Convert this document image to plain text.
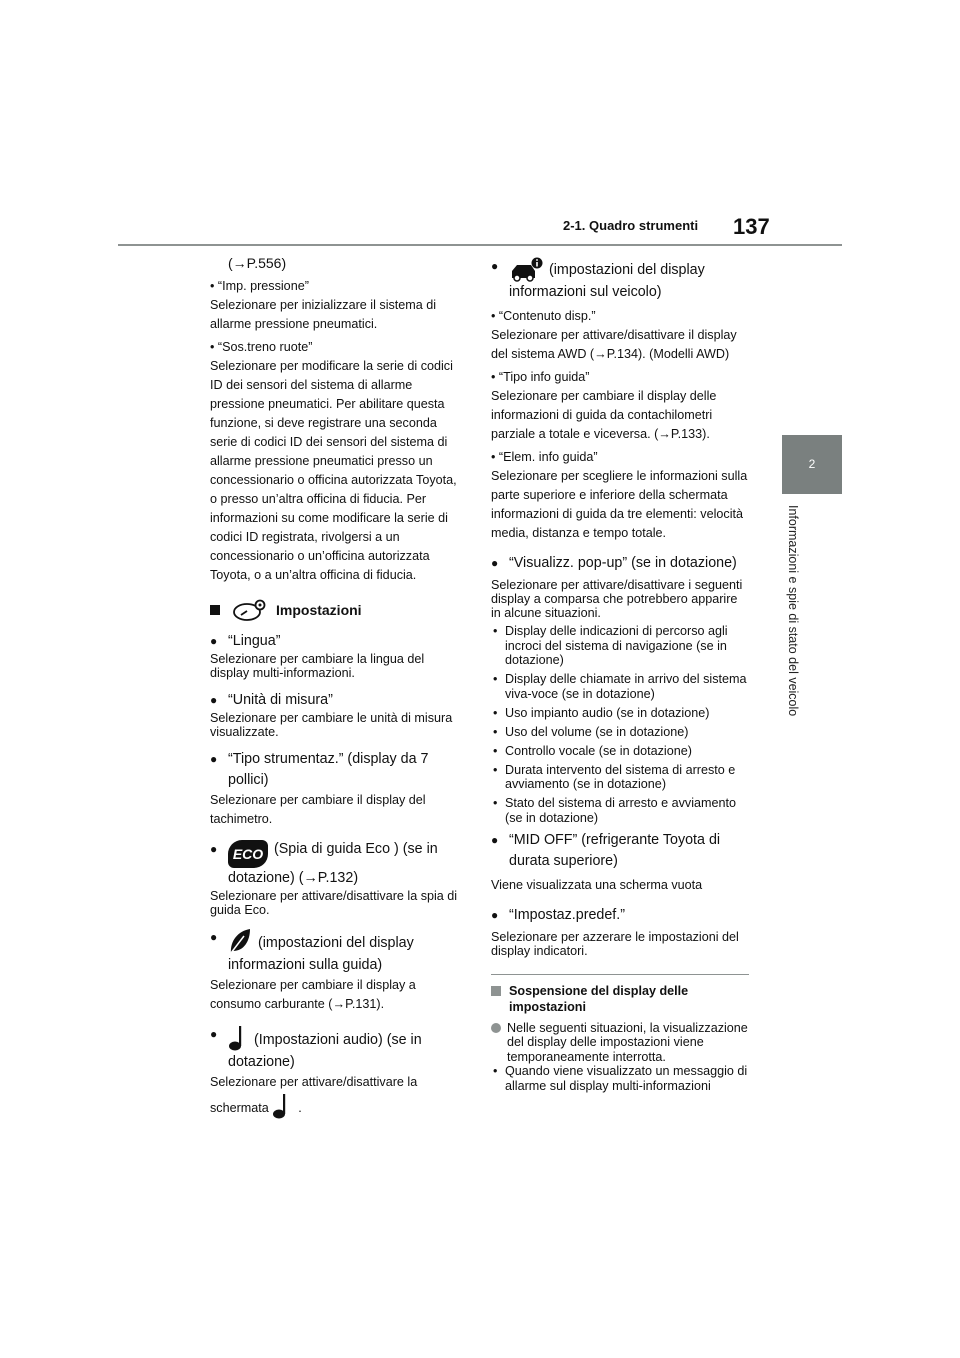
2-1. Quadro strumenti 137
2
Informazioni e spie di stato del veicolo

(→P.556)

• “Imp. pressione”

Selezionare per inizializzare il sistema di allarme pressione pneumatici.

• “Sos.treno ruote”

Selezionare per modificare la serie di codici ID dei sensori del sistema di allarme pressione pneumatici. Per abilitare questa funzione, si deve registrare una seconda serie di codici ID dei sensori del sistema di allarme pressione pneumatici presso un concessionario o officina autorizzata Toyota, o presso un’altra officina di fiducia. Per informazioni su come modificare la serie di codici ID registrata, rivolgersi a un concessionario o un’officina autorizzata Toyota, o a un’altra officina di fiducia.

Impostazioni
● “Lingua”

Selezionare per cambiare la lingua del display multi-informazioni.

● “Unità di misura”

Selezionare per cambiare le unità di misura visualizzate.

● “Tipo strumentaz.” (display da 7 pollici)

Selezionare per cambiare il display del tachimetro.

●	ECO (Spia di guida Eco ) (se in dotazione) (→P.132)

Selezionare per attivare/disattivare la spia di guida Eco.

●	(impostazioni del display informazioni sulla guida)

Selezionare per cambiare il display a consumo carburante (→P.131).

●	(Impostazioni audio) (se in dotazione)

Selezionare per attivare/disattivare la schermata .

●	(impostazioni del display informazioni sul veicolo)

• “Contenuto disp.”

Selezionare per attivare/disattivare il display del sistema AWD (→P.134). (Modelli AWD)

• “Tipo info guida”

Selezionare per cambiare il display delle informazioni di guida da contachilometri parziale a totale e viceversa. (→P.133).

• “Elem. info guida”

Selezionare per scegliere le informazioni sulla parte superiore e inferiore della schermata informazioni di guida da tre elementi: velocità media, distanza e tempo totale.

● “Visualizz. pop-up” (se in dotazione)

Selezionare per attivare/disattivare i seguenti display a comparsa che potrebbero apparire in alcune situazioni.

• Display delle indicazioni di percorso agli incroci del sistema di navigazione (se in dotazione)
• Display delle chiamate in arrivo del sistema viva-voce (se in dotazione)
• Uso impianto audio (se in dotazione)
• Uso del volume (se in dotazione)
• Controllo vocale (se in dotazione)
• Durata intervento del sistema di arresto e avviamento (se in dotazione)
• Stato del sistema di arresto e avviamento (se in dotazione)
● “MID OFF” (refrigerante Toyota di durata superiore)

Viene visualizzata una scherma vuota

● “Impostaz.predef.”

Selezionare per azzerare le impostazioni del display indicatori.

Sospensione del display delle impostazioni
Nelle seguenti situazioni, la visualizzazione del display delle impostazioni viene temporaneamente interrotta.
• Quando viene visualizzato un messaggio di allarme sul display multi-informazioni
